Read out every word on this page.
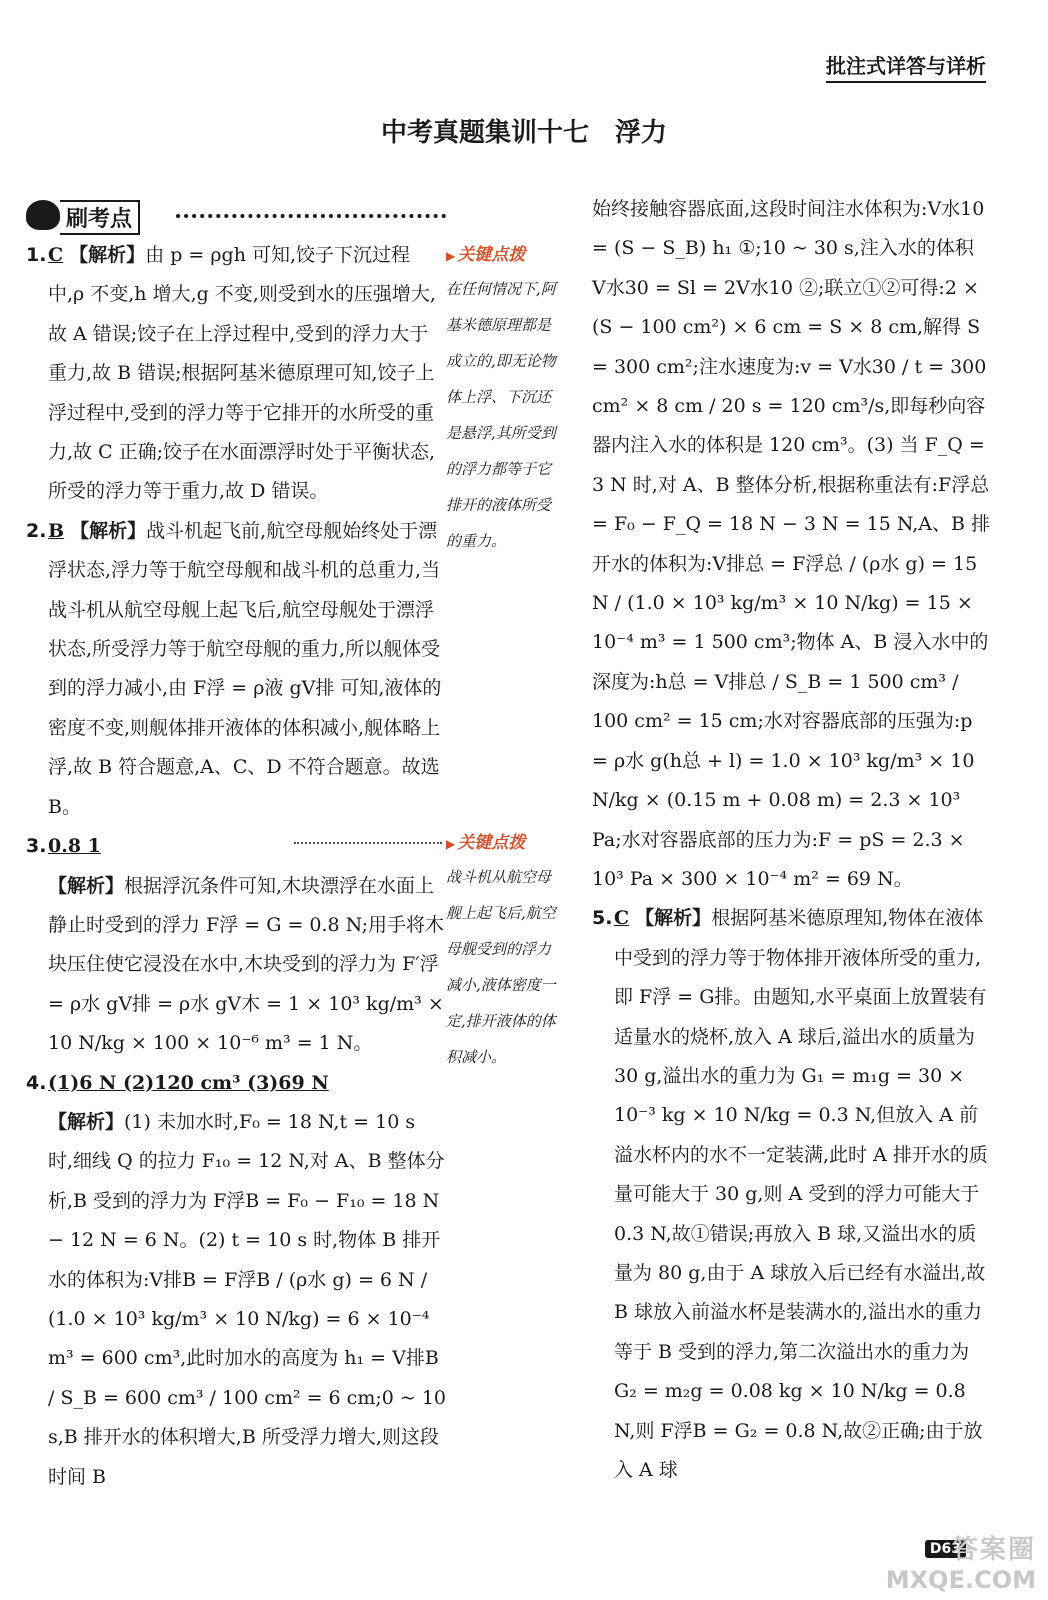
批注式详答与详析
中考真题集训十七 浮力
刷考点

1. C 【解析】由 p = ρgh 可知,饺子下沉过程中,ρ 不变,h 增大,g 不变,则受到水的压强增大,故 A 错误;饺子在上浮过程中,受到的浮力大于重力,故 B 错误;根据阿基米德原理可知,饺子上浮过程中,受到的浮力等于它排开的水所受的重力,故 C 正确;饺子在水面漂浮时处于平衡状态,所受的浮力等于重力,故 D 错误。

2. B 【解析】战斗机起飞前,航空母舰始终处于漂浮状态,浮力等于航空母舰和战斗机的总重力,当战斗机从航空母舰上起飞后,航空母舰处于漂浮状态,所受浮力等于航空母舰的重力,所以舰体受到的浮力减小,由 F浮 = ρ液 gV排 可知,液体的密度不变,则舰体排开液体的体积减小,舰体略上浮,故 B 符合题意,A、C、D 不符合题意。故选 B。

3. 0.8 1
【解析】根据浮沉条件可知,木块漂浮在水面上静止时受到的浮力 F浮 = G = 0.8 N;用手将木块压住使它浸没在水中,木块受到的浮力为 F′浮 = ρ水 gV排 = ρ水 gV木 = 1 × 10³ kg/m³ × 10 N/kg × 100 × 10⁻⁶ m³ = 1 N。

4. (1)6 N (2)120 cm³ (3)69 N
【解析】(1) 未加水时,F₀ = 18 N,t = 10 s 时,细线 Q 的拉力 F₁₀ = 12 N,对 A、B 整体分析,B 受到的浮力为 F浮B = F₀ − F₁₀ = 18 N − 12 N = 6 N。(2) t = 10 s 时,物体 B 排开水的体积为:V排B = F浮B / (ρ水 g) = 6 N / (1.0 × 10³ kg/m³ × 10 N/kg) = 6 × 10⁻⁴ m³ = 600 cm³,此时加水的高度为 h₁ = V排B / S_B = 600 cm³ / 100 cm² = 6 cm;0 ~ 10 s,B 排开水的体积增大,B 所受浮力增大,则这段时间 B

▶ 关键点拨
在任何情况下,阿基米德原理都是成立的,即无论物体上浮、下沉还是悬浮,其所受到的浮力都等于它排开的液体所受的重力。
▶ 关键点拨
战斗机从航空母舰上起飞后,航空母舰受到的浮力减小,液体密度一定,排开液体的体积减小。

始终接触容器底面,这段时间注水体积为:V水10 = (S − S_B) h₁ ①;10 ~ 30 s,注入水的体积 V水30 = Sl = 2V水10 ②;联立①②可得:2 × (S − 100 cm²) × 6 cm = S × 8 cm,解得 S = 300 cm²;注水速度为:v = V水30 / t = 300 cm² × 8 cm / 20 s = 120 cm³/s,即每秒向容器内注入水的体积是 120 cm³。(3) 当 F_Q = 3 N 时,对 A、B 整体分析,根据称重法有:F浮总 = F₀ − F_Q = 18 N − 3 N = 15 N,A、B 排开水的体积为:V排总 = F浮总 / (ρ水 g) = 15 N / (1.0 × 10³ kg/m³ × 10 N/kg) = 15 × 10⁻⁴ m³ = 1 500 cm³;物体 A、B 浸入水中的深度为:h总 = V排总 / S_B = 1 500 cm³ / 100 cm² = 15 cm;水对容器底部的压强为:p = ρ水 g(h总 + l) = 1.0 × 10³ kg/m³ × 10 N/kg × (0.15 m + 0.08 m) = 2.3 × 10³ Pa;水对容器底部的压力为:F = pS = 2.3 × 10³ Pa × 300 × 10⁻⁴ m² = 69 N。

5. C 【解析】根据阿基米德原理知,物体在液体中受到的浮力等于物体排开液体所受的重力,即 F浮 = G排。由题知,水平桌面上放置装有适量水的烧杯,放入 A 球后,溢出水的质量为 30 g,溢出水的重力为 G₁ = m₁g = 30 × 10⁻³ kg × 10 N/kg = 0.3 N,但放入 A 前溢水杯内的水不一定装满,此时 A 排开水的质量可能大于 30 g,则 A 受到的浮力可能大于 0.3 N,故①错误;再放入 B 球,又溢出水的质量为 80 g,由于 A 球放入后已经有水溢出,故 B 球放入前溢水杯是装满水的,溢出水的重力等于 B 受到的浮力,第二次溢出水的重力为 G₂ = m₂g = 0.08 kg × 10 N/kg = 0.8 N,则 F浮B = G₂ = 0.8 N,故②正确;由于放入 A 球

D63
答案圈
MXQE.COM
